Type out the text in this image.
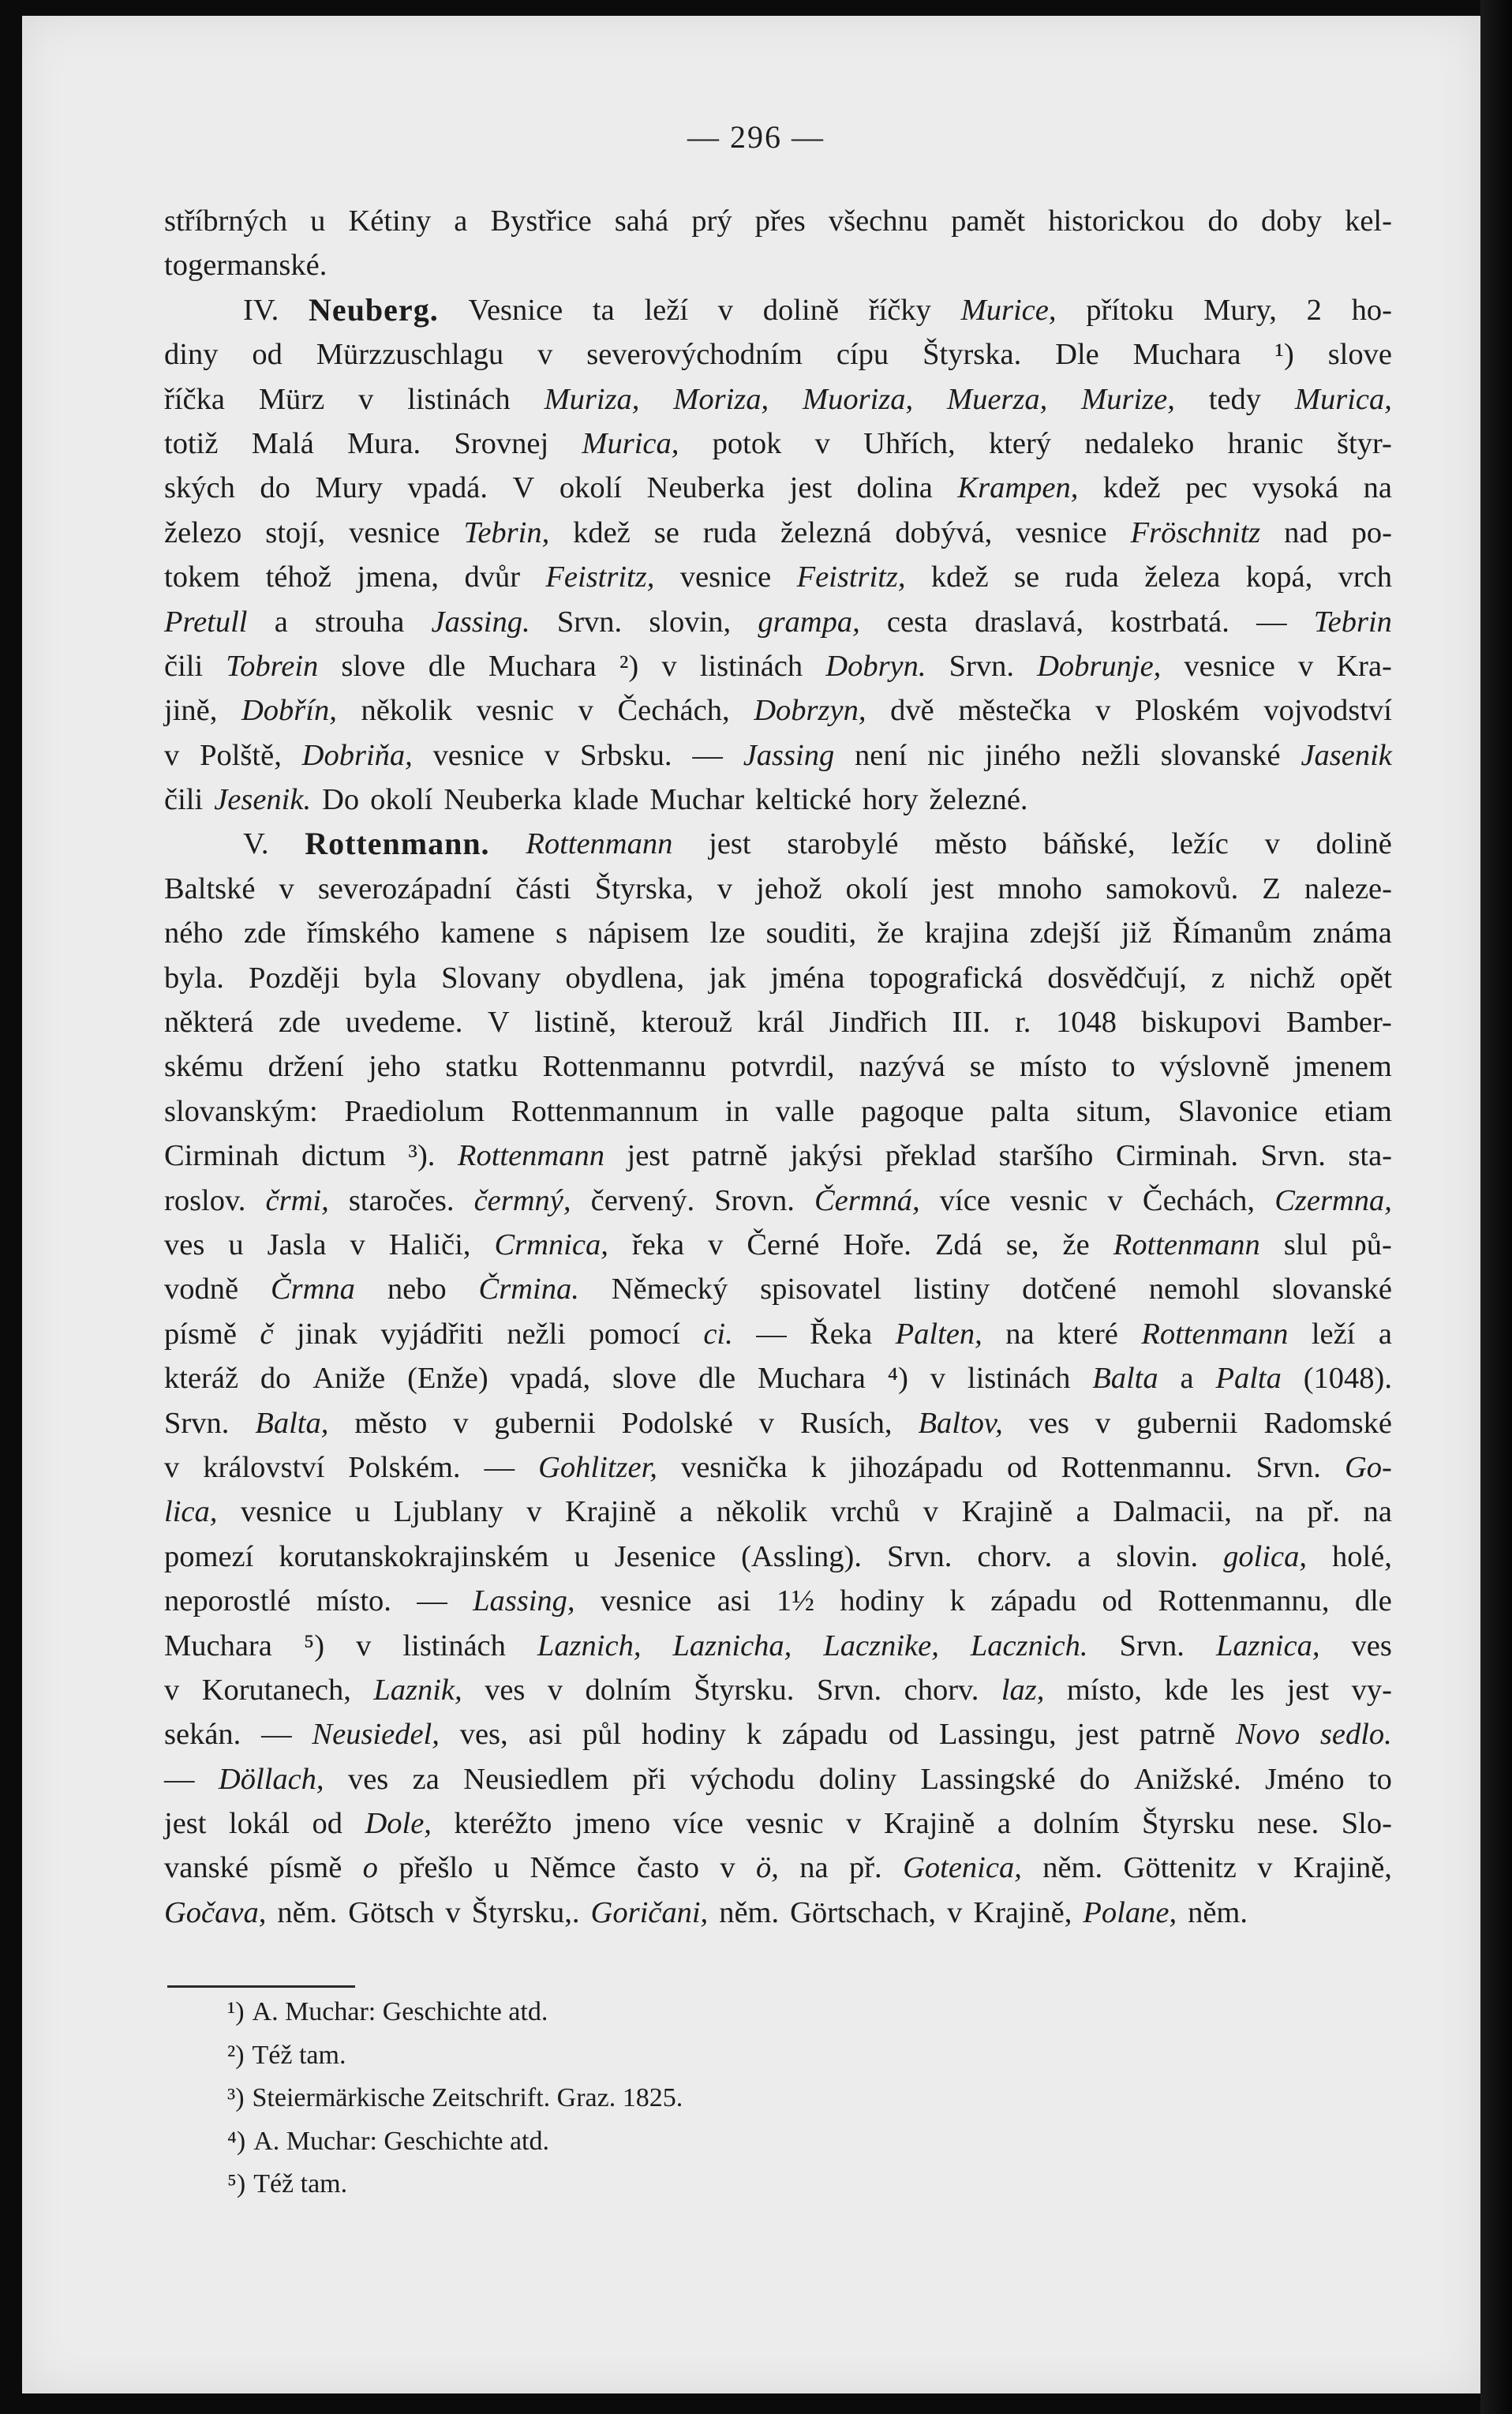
— 296 —
stříbrných u Kétiny a Bystřice sahá prý přes všechnu pamět historickou do doby kel-
togermanské.
IV. Neuberg. Vesnice ta leží v dolině říčky Murice, přítoku Mury, 2 ho-
diny od Mürzzuschlagu v severovýchodním cípu Štyrska. Dle Muchara ¹) slove
říčka Mürz v listinách Muriza, Moriza, Muoriza, Muerza, Murize, tedy Murica,
totiž Malá Mura. Srovnej Murica, potok v Uhřích, který nedaleko hranic štyr-
ských do Mury vpadá. V okolí Neuberka jest dolina Krampen, kdež pec vysoká na
železo stojí, vesnice Tebrin, kdež se ruda železná dobývá, vesnice Fröschnitz nad po-
tokem téhož jmena, dvůr Feistritz, vesnice Feistritz, kdež se ruda železa kopá, vrch
Pretull a strouha Jassing. Srvn. slovin, grampa, cesta draslavá, kostrbatá. — Tebrin
čili Tobrein slove dle Muchara ²) v listinách Dobryn. Srvn. Dobrunje, vesnice v Kra-
jině, Dobřín, několik vesnic v Čechách, Dobrzyn, dvě městečka v Ploském vojvodství
v Polště, Dobriňa, vesnice v Srbsku. — Jassing není nic jiného nežli slovanské Jasenik
čili Jesenik. Do okolí Neuberka klade Muchar keltické hory železné.
V. Rottenmann. Rottenmann jest starobylé město báňské, ležíc v dolině
Baltské v severozápadní části Štyrska, v jehož okolí jest mnoho samokovů. Z naleze-
ného zde římského kamene s nápisem lze souditi, že krajina zdejší již Římanům známa
byla. Později byla Slovany obydlena, jak jména topografická dosvědčují, z nichž opět
některá zde uvedeme. V listině, kterouž král Jindřich III. r. 1048 biskupovi Bamber-
skému držení jeho statku Rottenmannu potvrdil, nazývá se místo to výslovně jmenem
slovanským: Praediolum Rottenmannum in valle pagoque palta situm, Slavonice etiam
Cirminah dictum ³). Rottenmann jest patrně jakýsi překlad staršího Cirminah. Srvn. sta-
roslov. črmi, staročes. čermný, červený. Srovn. Čermná, více vesnic v Čechách, Czermna,
ves u Jasla v Haliči, Crmnica, řeka v Černé Hoře. Zdá se, že Rottenmann slul pů-
vodně Črmna nebo Črmina. Německý spisovatel listiny dotčené nemohl slovanské
písmě č jinak vyjádřiti nežli pomocí ci. — Řeka Palten, na které Rottenmann leží a
kteráž do Aniže (Enže) vpadá, slove dle Muchara ⁴) v listinách Balta a Palta (1048).
Srvn. Balta, město v gubernii Podolské v Rusích, Baltov, ves v gubernii Radomské
v království Polském. — Gohlitzer, vesnička k jihozápadu od Rottenmannu. Srvn. Go-
lica, vesnice u Ljublany v Krajině a několik vrchů v Krajině a Dalmacii, na př. na
pomezí korutanskokrajinském u Jesenice (Assling). Srvn. chorv. a slovin. golica, holé,
neporostlé místo. — Lassing, vesnice asi 1½ hodiny k západu od Rottenmannu, dle
Muchara ⁵) v listinách Laznich, Laznicha, Lacznike, Lacznich. Srvn. Laznica, ves
v Korutanech, Laznik, ves v dolním Štyrsku. Srvn. chorv. laz, místo, kde les jest vy-
sekán. — Neusiedel, ves, asi půl hodiny k západu od Lassingu, jest patrně Novo sedlo.
— Döllach, ves za Neusiedlem při východu doliny Lassingské do Anižské. Jméno to
jest lokál od Dole, kteréžto jmeno více vesnic v Krajině a dolním Štyrsku nese. Slo-
vanské písmě o přešlo u Němce často v ö, na př. Gotenica, něm. Göttenitz v Krajině,
Gočava, něm. Götsch v Štyrsku,. Goričani, něm. Görtschach, v Krajině, Polane, něm.
¹) A. Muchar: Geschichte atd.
²) Též tam.
³) Steiermärkische Zeitschrift. Graz. 1825.
⁴) A. Muchar: Geschichte atd.
⁵) Též tam.
